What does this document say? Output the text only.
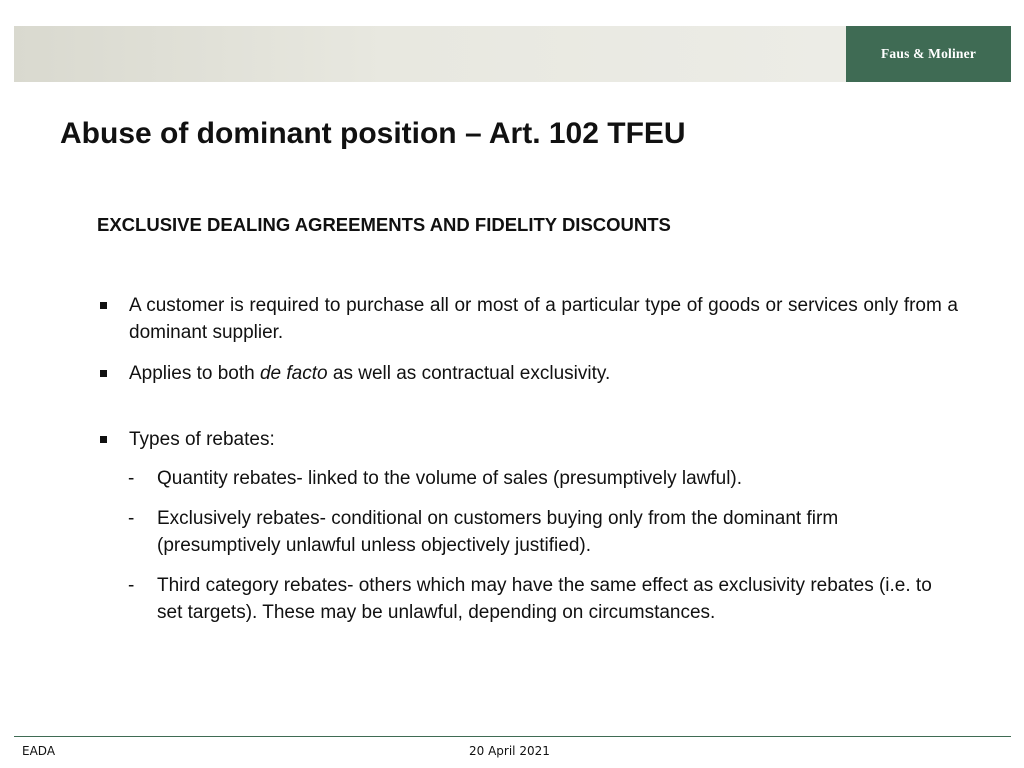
Faus & Moliner
Abuse of dominant position – Art. 102 TFEU
EXCLUSIVE DEALING AGREEMENTS AND FIDELITY DISCOUNTS
A customer is required to purchase all or most of a particular type of goods or services only from a dominant supplier.
Applies to both de facto as well as contractual exclusivity.
Types of rebates:
- Quantity rebates- linked to the volume of sales (presumptively lawful).
- Exclusively rebates- conditional on customers buying only from the dominant firm (presumptively unlawful unless objectively justified).
- Third category rebates- others which may have the same effect as exclusivity rebates (i.e. to set targets). These may be unlawful, depending on circumstances.
EADA	20 April 2021
